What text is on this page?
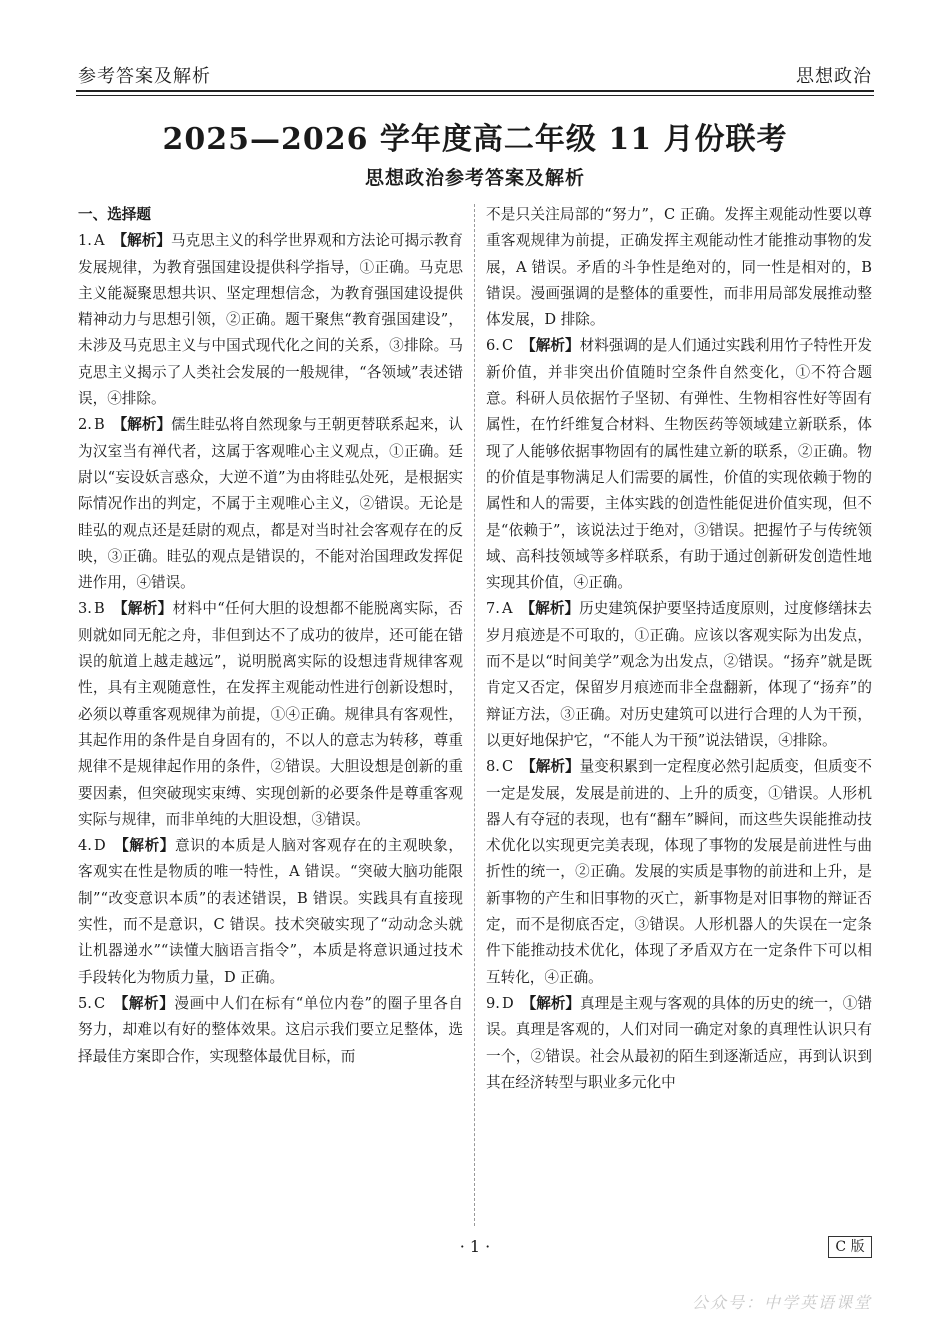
参考答案及解析	思想政治
2025—2026 学年度高二年级 11 月份联考
思想政治参考答案及解析
一、选择题
1. A 【解析】马克思主义的科学世界观和方法论可揭示教育发展规律，为教育强国建设提供科学指导，①正确。马克思主义能凝聚思想共识、坚定理想信念，为教育强国建设提供精神动力与思想引领，②正确。题干聚焦“教育强国建设”，未涉及马克思主义与中国式现代化之间的关系，③排除。马克思主义揭示了人类社会发展的一般规律，“各领域”表述错误，④排除。
2. B 【解析】儒生眭弘将自然现象与王朝更替联系起来，认为汉室当有禅代者，这属于客观唯心主义观点，①正确。廷尉以“妄设妖言惑众，大逆不道”为由将眭弘处死，是根据实际情况作出的判定，不属于主观唯心主义，②错误。无论是眭弘的观点还是廷尉的观点，都是对当时社会客观存在的反映，③正确。眭弘的观点是错误的，不能对治国理政发挥促进作用，④错误。
3. B 【解析】材料中“任何大胆的设想都不能脱离实际，否则就如同无舵之舟，非但到达不了成功的彼岸，还可能在错误的航道上越走越远”，说明脱离实际的设想违背规律客观性，具有主观随意性，在发挥主观能动性进行创新设想时，必须以尊重客观规律为前提，①④正确。规律具有客观性，其起作用的条件是自身固有的，不以人的意志为转移，尊重规律不是规律起作用的条件，②错误。大胆设想是创新的重要因素，但突破现实束缚、实现创新的必要条件是尊重客观实际与规律，而非单纯的大胆设想，③错误。
4. D 【解析】意识的本质是人脑对客观存在的主观映象，客观实在性是物质的唯一特性，A 错误。“突破大脑功能限制”“改变意识本质”的表述错误，B 错误。实践具有直接现实性，而不是意识，C 错误。技术突破实现了“动动念头就让机器递水”“读懂大脑语言指令”，本质是将意识通过技术手段转化为物质力量，D 正确。
5. C 【解析】漫画中人们在标有“单位内卷”的圈子里各自努力，却难以有好的整体效果。这启示我们要立足整体，选择最佳方案即合作，实现整体最优目标，而
不是只关注局部的“努力”，C 正确。发挥主观能动性要以尊重客观规律为前提，正确发挥主观能动性才能推动事物的发展，A 错误。矛盾的斗争性是绝对的，同一性是相对的，B 错误。漫画强调的是整体的重要性，而非用局部发展推动整体发展，D 排除。
6. C 【解析】材料强调的是人们通过实践利用竹子特性开发新价值，并非突出价值随时空条件自然变化，①不符合题意。科研人员依据竹子坚韧、有弹性、生物相容性好等固有属性，在竹纤维复合材料、生物医药等领域建立新联系，体现了人能够依据事物固有的属性建立新的联系，②正确。物的价值是事物满足人们需要的属性，价值的实现依赖于物的属性和人的需要，主体实践的创造性能促进价值实现，但不是“依赖于”，该说法过于绝对，③错误。把握竹子与传统领域、高科技领域等多样联系，有助于通过创新研发创造性地实现其价值，④正确。
7. A 【解析】历史建筑保护要坚持适度原则，过度修缮抹去岁月痕迹是不可取的，①正确。应该以客观实际为出发点，而不是以“时间美学”观念为出发点，②错误。“扬弃”就是既肯定又否定，保留岁月痕迹而非全盘翻新，体现了“扬弃”的辩证方法，③正确。对历史建筑可以进行合理的人为干预，以更好地保护它，“不能人为干预”说法错误，④排除。
8. C 【解析】量变积累到一定程度必然引起质变，但质变不一定是发展，发展是前进的、上升的质变，①错误。人形机器人有夺冠的表现，也有“翻车”瞬间，而这些失误能推动技术优化以实现更完美表现，体现了事物的发展是前进性与曲折性的统一，②正确。发展的实质是事物的前进和上升，是新事物的产生和旧事物的灭亡，新事物是对旧事物的辩证否定，而不是彻底否定，③错误。人形机器人的失误在一定条件下能推动技术优化，体现了矛盾双方在一定条件下可以相互转化，④正确。
9. D 【解析】真理是主观与客观的具体的历史的统一，①错误。真理是客观的，人们对同一确定对象的真理性认识只有一个，②错误。社会从最初的陌生到逐渐适应，再到认识到其在经济转型与职业多元化中
· 1 ·	C 版
公众号：中学英语课堂
